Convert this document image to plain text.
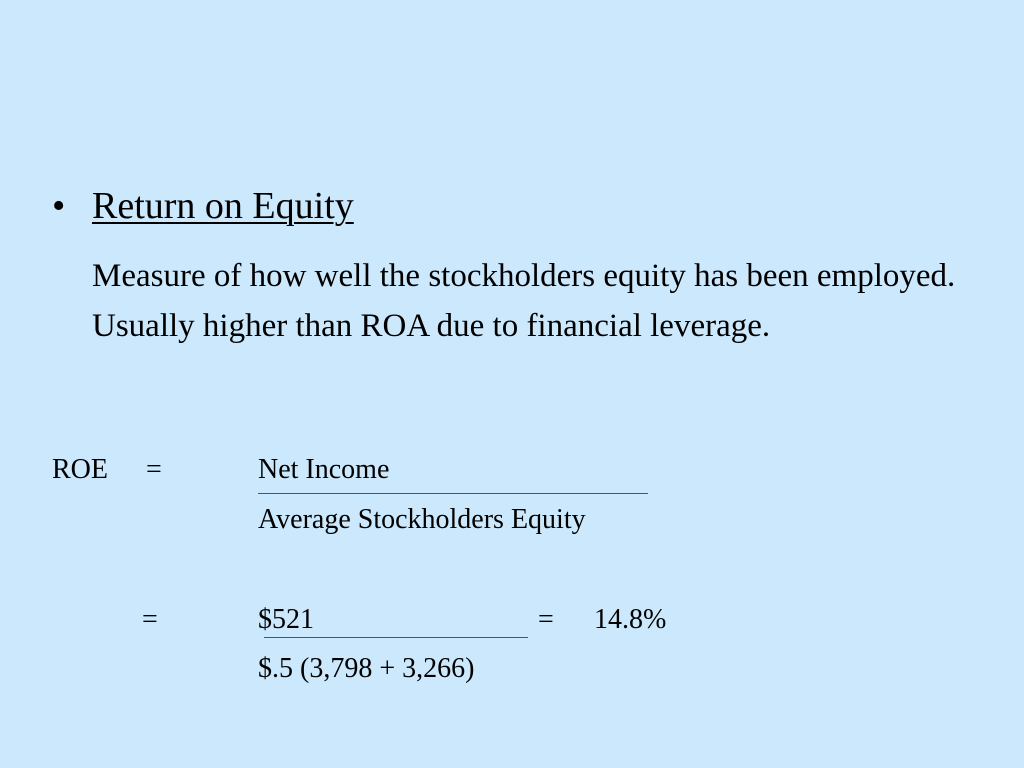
• Return on Equity

Measure of how well the stockholders equity has been employed. Usually higher than ROA due to financial leverage.

ROE =	Net Income
Average Stockholders Equity
=	$521	= 14.8%
$.5 (3,798 + 3,266)
